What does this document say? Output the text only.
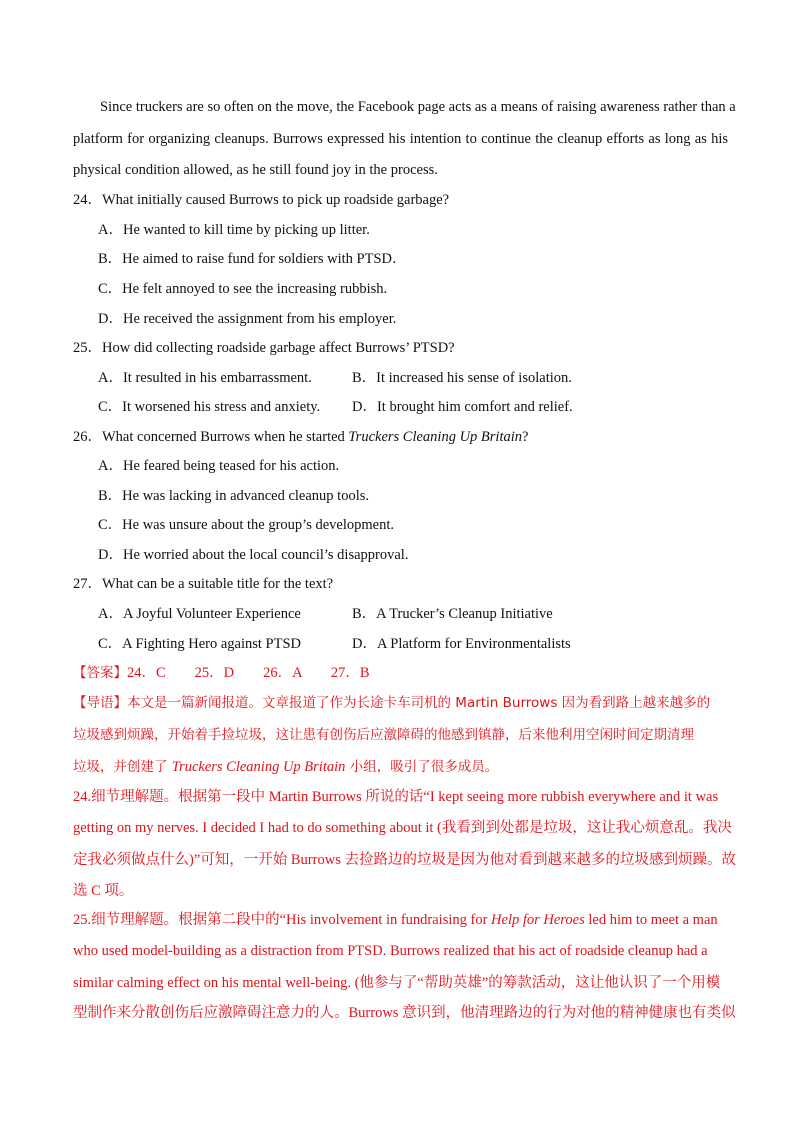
Since truckers are so often on the move, the Facebook page acts as a means of raising awareness rather than a
platform for organizing cleanups. Burrows expressed his intention to continue the cleanup efforts as long as his
physical condition allowed, as he still found joy in the process.
24．What initially caused Burrows to pick up roadside garbage?
A．He wanted to kill time by picking up litter.
B．He aimed to raise fund for soldiers with PTSD．
C．He felt annoyed to see the increasing rubbish.
D．He received the assignment from his employer.
25．How did collecting roadside garbage affect Burrows’ PTSD?
A．It resulted in his embarrassment.	B．It increased his sense of isolation.
C．It worsened his stress and anxiety. D．It brought him comfort and relief.
26．What concerned Burrows when he started Truckers Cleaning Up Britain?
A．He feared being teased for his action.
B．He was lacking in advanced cleanup tools.
C．He was unsure about the group’s development.
D．He worried about the local council’s disapproval.
27．What can be a suitable title for the text?
A．A Joyful Volunteer Experience	B．A Trucker’s Cleanup Initiative
C．A Fighting Hero against PTSD	D．A Platform for Environmentalists
【答案】24．C　　25．D　　26．A　　27．B
【导语】本文是一篇新闻报道。文章报道了作为长途卡车司机的 Martin Burrows 因为看到路上越来越多的
垃圾感到烦躁，开始着手捡垃圾，这让患有创伤后应激障碍的他感到镇静，后来他利用空闲时间定期清理
垃圾，并创建了 Truckers Cleaning Up Britain 小组，吸引了很多成员。
24.细节理解题。根据第一段中 Martin Burrows 所说的话“I kept seeing more rubbish everywhere and it was
getting on my nerves. I decided I had to do something about it (我看到到处都是垃圾，这让我心烦意乱。我决
定我必须做点什么)”可知，一开始 Burrows 去捡路边的垃圾是因为他对看到越来越多的垃圾感到烦躁。故
选 C 项。
25.细节理解题。根据第二段中的“His involvement in fundraising for Help for Heroes led him to meet a man
who used model-building as a distraction from PTSD. Burrows realized that his act of roadside cleanup had a
similar calming effect on his mental well-being. (他参与了“帮助英雄”的筹款活动，这让他认识了一个用模
型制作来分散创伤后应激障碍注意力的人。Burrows 意识到，他清理路边的行为对他的精神健康也有类似
